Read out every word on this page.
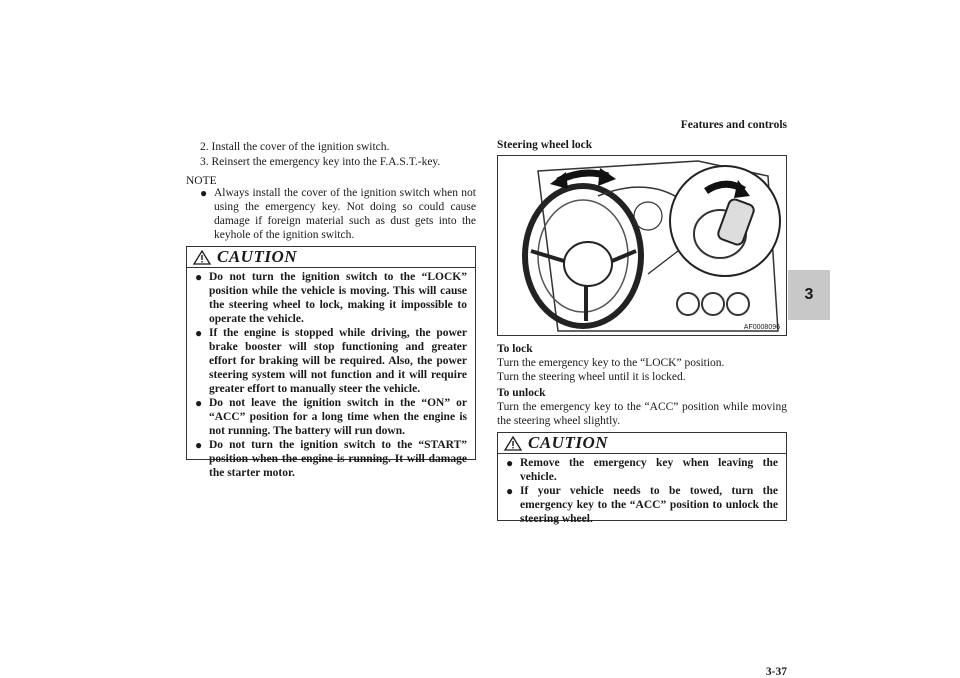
Features and controls
3
2. Install the cover of the ignition switch.
3. Reinsert the emergency key into the F.A.S.T.-key.
NOTE
● Always install the cover of the ignition switch when not using the emergency key. Not doing so could cause damage if foreign material such as dust gets into the keyhole of the ignition switch.
CAUTION
● Do not turn the ignition switch to the “LOCK” position while the vehicle is moving. This will cause the steering wheel to lock, making it impossible to operate the vehicle.
● If the engine is stopped while driving, the power brake booster will stop functioning and greater effort for braking will be required. Also, the power steering system will not function and it will require greater effort to manually steer the vehicle.
● Do not leave the ignition switch in the “ON” or “ACC” position for a long time when the engine is not running. The battery will run down.
● Do not turn the ignition switch to the “START” position when the engine is running. It will damage the starter motor.
Steering wheel lock
AF0008096
To lock
Turn the emergency key to the “LOCK” position.
Turn the steering wheel until it is locked.
To unlock
Turn the emergency key to the “ACC” position while moving the steering wheel slightly.
CAUTION
● Remove the emergency key when leaving the vehicle.
● If your vehicle needs to be towed, turn the emergency key to the “ACC” position to unlock the steering wheel.
3-37
